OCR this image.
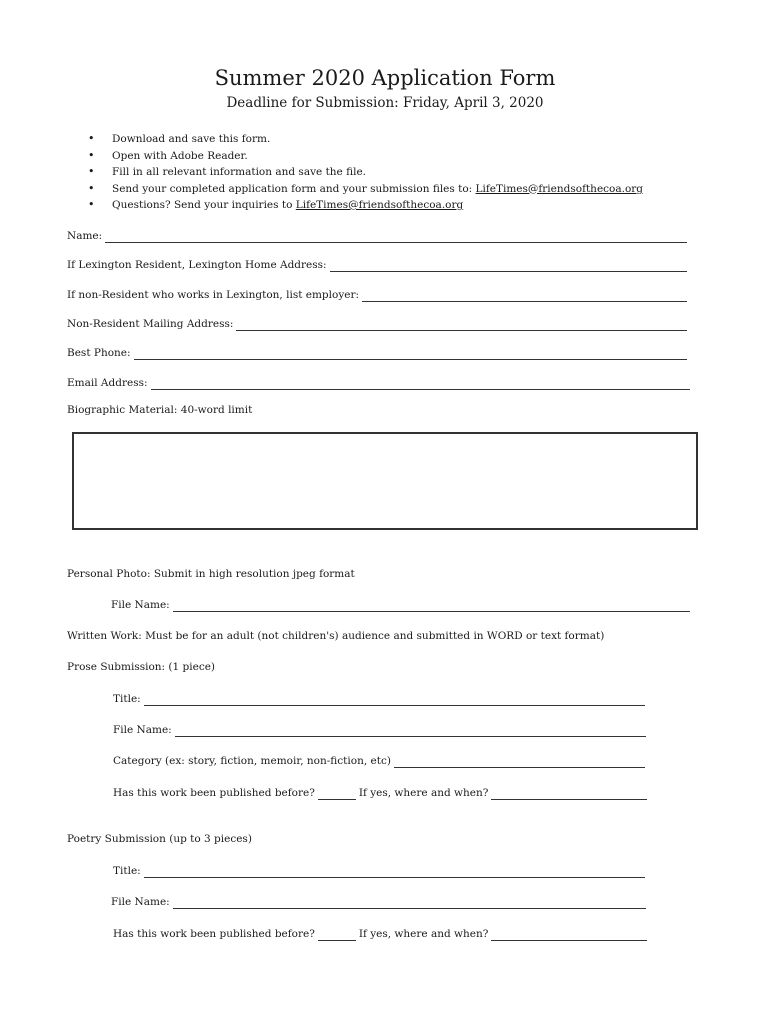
Summer 2020 Application Form
Deadline for Submission: Friday, April 3, 2020
• Download and save this form.
• Open with Adobe Reader.
• Fill in all relevant information and save the file.
• Send your completed application form and your submission files to: LifeTimes@friendsofthecoa.org
• Questions? Send your inquiries to LifeTimes@friendsofthecoa.org
Name:
If Lexington Resident, Lexington Home Address:
If non-Resident who works in Lexington, list employer:
Non-Resident Mailing Address:
Best Phone:
Email Address:
Biographic Material: 40-word limit
Personal Photo: Submit in high resolution jpeg format
File Name:
Written Work: Must be for an adult (not children's) audience and submitted in WORD or text format)
Prose Submission: (1 piece)
Title:
File Name:
Category (ex: story, fiction, memoir, non-fiction, etc)
Has this work been published before?	If yes, where and when?
Poetry Submission (up to 3 pieces)
Title:
File Name:
Has this work been published before?	If yes, where and when?
